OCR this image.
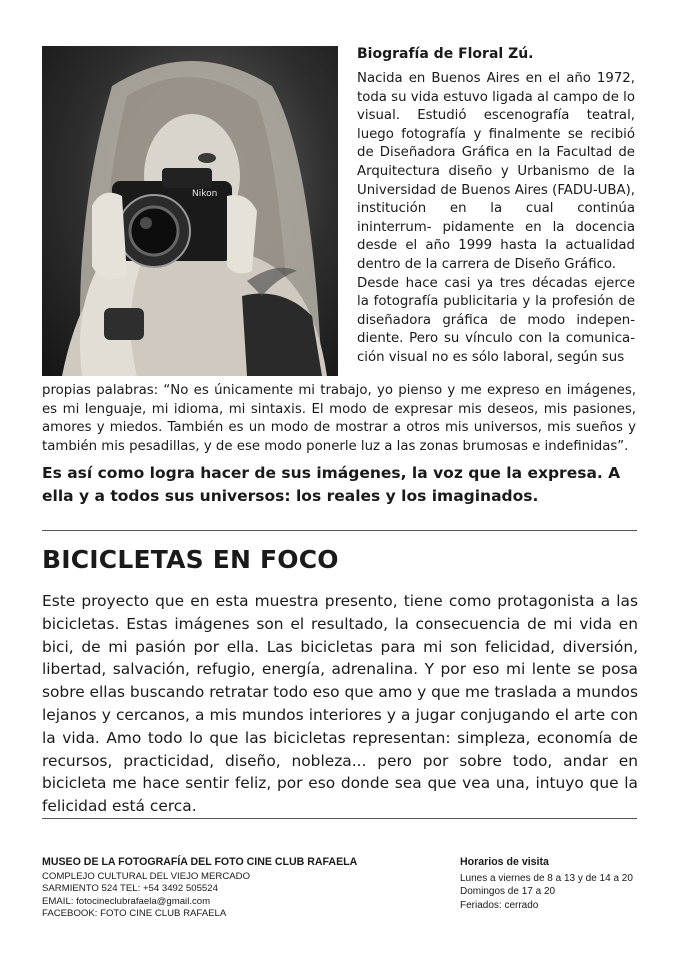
Nikon
Biografía de Floral Zú.

Nacida en Buenos Aires en el año 1972, toda su vida estuvo ligada al campo de lo visual. Estudió escenografía teatral, luego fotografía y finalmente se recibió de Diseñadora Gráfica en la Facultad de Arquitectura diseño y Urbanismo de la Universidad de Buenos Aires (FADU-UBA), institución en la cual continúa ininterrum- pidamente en la docencia desde el año 1999 hasta la actualidad dentro de la carrera de Diseño Gráfico.

Desde hace casi ya tres décadas ejerce la fotografía publicitaria y la profesión de diseñadora gráfica de modo indepen- diente. Pero su vínculo con la comunica- ción visual no es sólo laboral, según sus

propias palabras: “No es únicamente mi trabajo, yo pienso y me expreso en imágenes, es mi lenguaje, mi idioma, mi sintaxis. El modo de expresar mis deseos, mis pasiones, amores y miedos. También es un modo de mostrar a otros mis universos, mis sueños y también mis pesadillas, y de ese modo ponerle luz a las zonas brumosas e indefinidas”.

Es así como logra hacer de sus imágenes, la voz que la expresa. A ella y a todos sus universos: los reales y los imaginados.

BICICLETAS EN FOCO

Este proyecto que en esta muestra presento, tiene como protagonista a las bicicletas. Estas imágenes son el resultado, la consecuencia de mi vida en bici, de mi pasión por ella. Las bicicletas para mi son felicidad, diversión, libertad, salvación, refugio, energía, adrenalina. Y por eso mi lente se posa sobre ellas buscando retratar todo eso que amo y que me traslada a mundos lejanos y cercanos, a mis mundos interiores y a jugar conjugando el arte con la vida. Amo todo lo que las bicicletas representan: simpleza, economía de recursos, practicidad, diseño, nobleza... pero por sobre todo, andar en bicicleta me hace sentir feliz, por eso donde sea que vea una, intuyo que la felicidad está cerca.

MUSEO DE LA FOTOGRAFÍA DEL FOTO CINE CLUB RAFAELA
COMPLEJO CULTURAL DEL VIEJO MERCADO
SARMIENTO 524 TEL: +54 3492 505524
EMAIL: fotocineclubrafaela@gmail.com
FACEBOOK: FOTO CINE CLUB RAFAELA
Horarios de visita
Lunes a viernes de 8 a 13 y de 14 a 20
Domingos de 17 a 20
Feriados: cerrado
